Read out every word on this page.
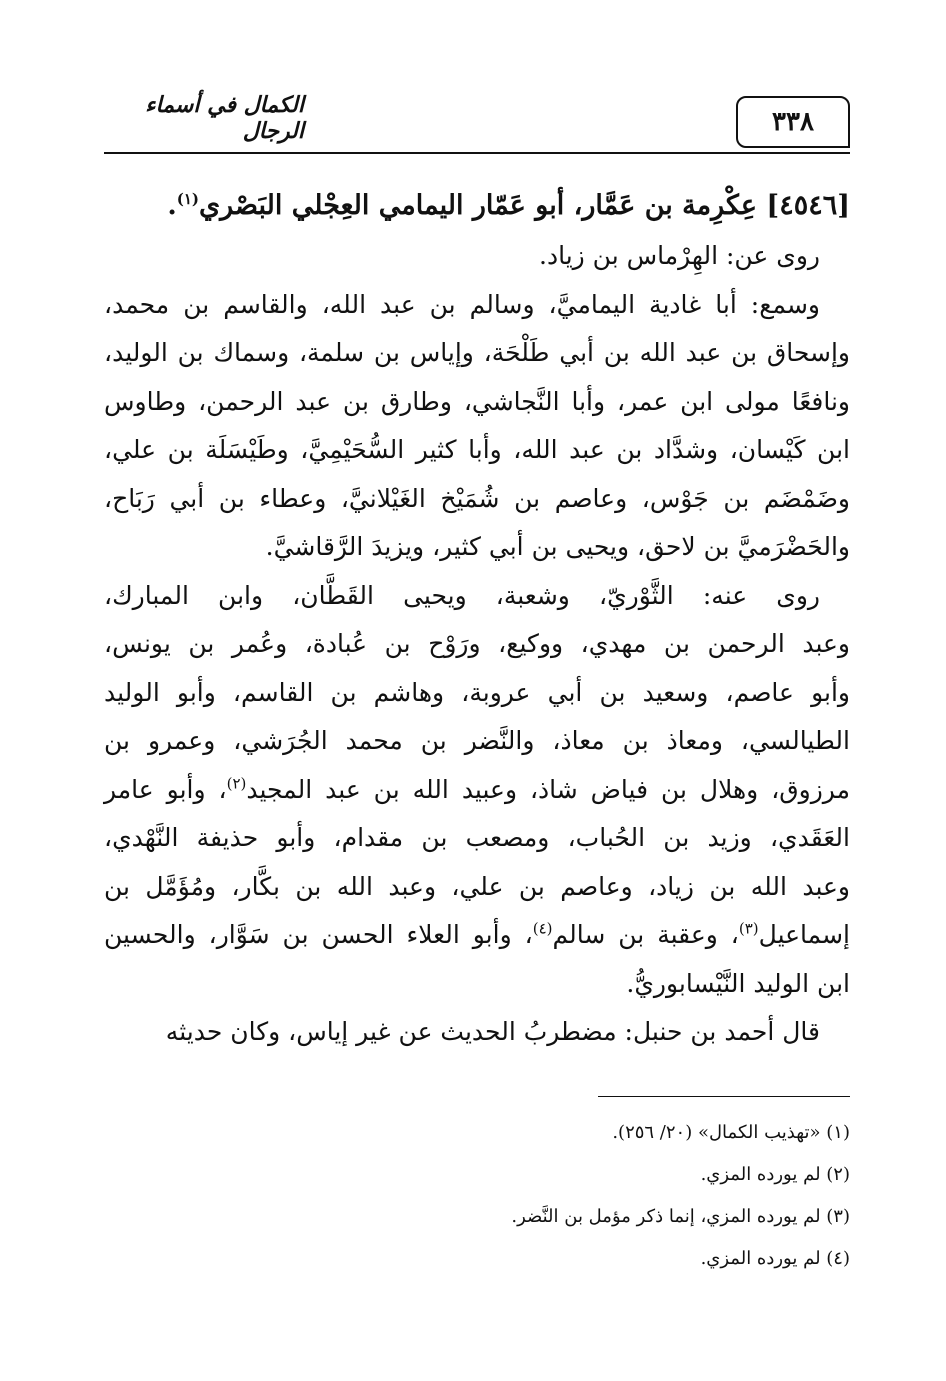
٣٣٨
الكمال في أسماء الرجال
[٤٥٤٦] عِكْرِمة بن عَمَّار، أبو عَمّار اليمامي العِجْلي البَصْري$^{(١)}$.
روى عن: الهِرْماس بن زياد.
وسمع: أبا غادية اليماميَّ، وسالم بن عبد الله، والقاسم بن محمد،
وإسحاق بن عبد الله بن أبي طَلْحَة، وإياس بن سلمة، وسماك بن الوليد،
ونافعًا مولى ابن عمر، وأبا النَّجاشي، وطارق بن عبد الرحمن، وطاوس
ابن كَيْسان، وشدَّاد بن عبد الله، وأبا كثير السُّحَيْمِيَّ، وطَيْسَلَة بن علي،
وضَمْضَم بن جَوْس، وعاصم بن شُمَيْخ الغَيْلانيَّ، وعطاء بن أبي رَبَاح،
والحَضْرَميَّ بن لاحق، ويحيى بن أبي كثير، ويزيدَ الرَّقاشيَّ.
روى عنه: الثَّوْريّ، وشعبة، ويحيى القَطَّان، وابن المبارك،
وعبد الرحمن بن مهدي، ووكيع، ورَوْح بن عُبادة، وعُمر بن يونس،
وأبو عاصم، وسعيد بن أبي عروبة، وهاشم بن القاسم، وأبو الوليد
الطيالسي، ومعاذ بن معاذ، والنَّضر بن محمد الجُرَشي، وعمرو بن
مرزوق، وهلال بن فياض شاذ، وعبيد الله بن عبد المجيد$^{(٢)}$، وأبو عامر
العَقَدي، وزيد بن الحُباب، ومصعب بن مقدام، وأبو حذيفة النَّهْدي،
وعبد الله بن زياد، وعاصم بن علي، وعبد الله بن بكَّار، ومُؤَمَّل بن
إسماعيل$^{(٣)}$، وعقبة بن سالم$^{(٤)}$، وأبو العلاء الحسن بن سَوَّار، والحسين
ابن الوليد النَّيْسابوريُّ.
قال أحمد بن حنبل: مضطربُ الحديث عن غير إياس، وكان حديثه
(١) «تهذيب الكمال» (٢٠/ ٢٥٦).
(٢) لم يورده المزي.
(٣) لم يورده المزي، إنما ذكر مؤمل بن النَّضر.
(٤) لم يورده المزي.
